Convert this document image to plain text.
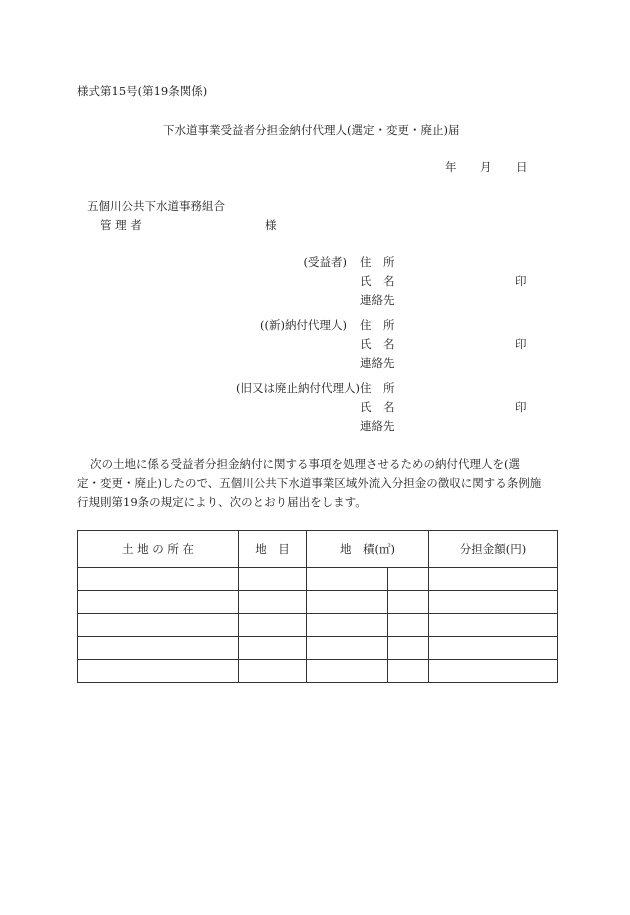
様式第15号(第19条関係)
下水道事業受益者分担金納付代理人(選定・変更・廃止)届
年 月 日
五個川公共下水道事務組合
管 理 者	様
(受益者) 住　所
氏　名	印
連絡先
((新)納付代理人) 住　所
氏　名	印
連絡先
(旧又は廃止納付代理人) 住　所
氏　名	印
連絡先
次の土地に係る受益者分担金納付に関する事項を処理させるための納付代理人を(選
定・変更・廃止)したので、五個川公共下水道事業区域外流入分担金の徴収に関する条例施
行規則第19条の規定により、次のとおり届出をします。
土 地 の 所 在	地　目	地　積(㎡)		分担金額(円)
